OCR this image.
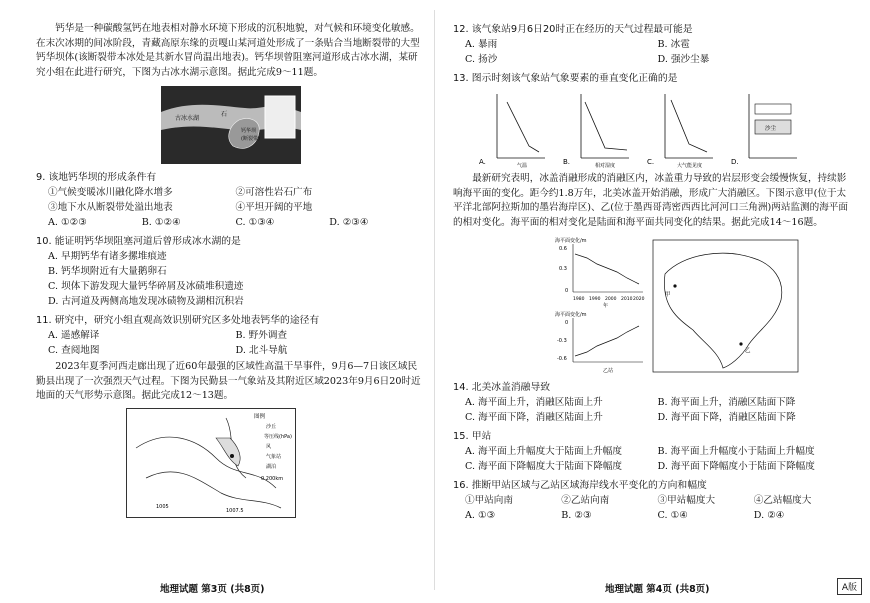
钙华是一种碳酸氢钙在地表相对静水环境下形成的沉积地貌，对气候和环境变化敏感。在末次冰期的间冰阶段，青藏高原东缘的贡嘎山某河道处形成了一条贴合当地断裂带的大型钙华坝体(该断裂带本冰处是其新水冒尚温出地表)。钙华坝曾阻塞河道形成古冰水湖，某研究小组在此进行研究，下图为古冰水湖示意图。据此完成9～11题。

古冰水湖
石
钙华坝
(断裂带)
9. 该地钙华坝的形成条件有
①气候变暖冰川融化降水增多	②可溶性岩石广布
③地下水从断裂带处溢出地表	④平坦开阔的平地
A. ①②③	B. ①②④	C. ①③④	D. ②③④
10. 能证明钙华坝阻塞河道后曾形成冰水湖的是
A. 早期钙华有诸多摞堆痕迹
B. 钙华坝附近有大量鹅卵石
C. 坝体下游发现大量钙华碎屑及冰碛堆积遗迹
D. 古河道及两侧高地发现冰碛物及湖相沉积岩
11. 研究中，研究小组直观高效识别研究区多处地表钙华的途径有
A. 遥感解译	B. 野外调查
C. 查阅地图	D. 北斗导航

2023年夏季河西走廊出现了近60年最强的区域性高温干旱事件，9月6—7日该区域民勤县出现了一次强烈天气过程。下图为民勤县一气象站及其附近区域2023年9月6日20时近地面的天气形势示意图。据此完成12～13题。

1005
1007.5
图例
沙丘
等压线(hPa)
风
气象站
湖泊
0 200km
地理试题 第3页 (共8页)
12. 该气象站9月6日20时正在经历的天气过程最可能是
A. 暴雨	B. 冰雹
C. 扬沙	D. 强沙尘暴
13. 图示时刻该气象站气象要素的垂直变化正确的是
A.	气温	B.	相对湿度	C.	大气能见度	D.
沙尘

最新研究表明，冰盖消融形成的消融区内，冰盖重力导致的岩层形变会缓慢恢复，持续影响海平面的变化。距今约1.8万年，北美冰盖开始消融，形成广大消融区。下图示意甲(位于太平洋北部阿拉斯加的墨岩海岸区)、乙(位于墨西哥湾密西西比河河口三角洲)两站监测的海平面的相对变化。海平面的相对变化是陆面和海平面共同变化的结果。据此完成14～16题。

海平面变化/m
0.6
0.3
0
1980 1990 2000 2010 2020
年
海平面变化/m
0
-0.3
-0.6
乙站
甲
乙
14. 北美冰盖消融导致
A. 海平面上升，消融区陆面上升	B. 海平面上升，消融区陆面下降
C. 海平面下降，消融区陆面上升	D. 海平面下降，消融区陆面下降
15. 甲站
A. 海平面上升幅度大于陆面上升幅度	B. 海平面上升幅度小于陆面上升幅度
C. 海平面下降幅度大于陆面下降幅度	D. 海平面下降幅度小于陆面下降幅度
16. 推断甲站区域与乙站区域海岸线水平变化的方向和幅度
①甲站向南	②乙站向南	③甲站幅度大	④乙站幅度大
A. ①③	B. ②③	C. ①④	D. ②④
地理试题 第4页 (共8页)	A版
